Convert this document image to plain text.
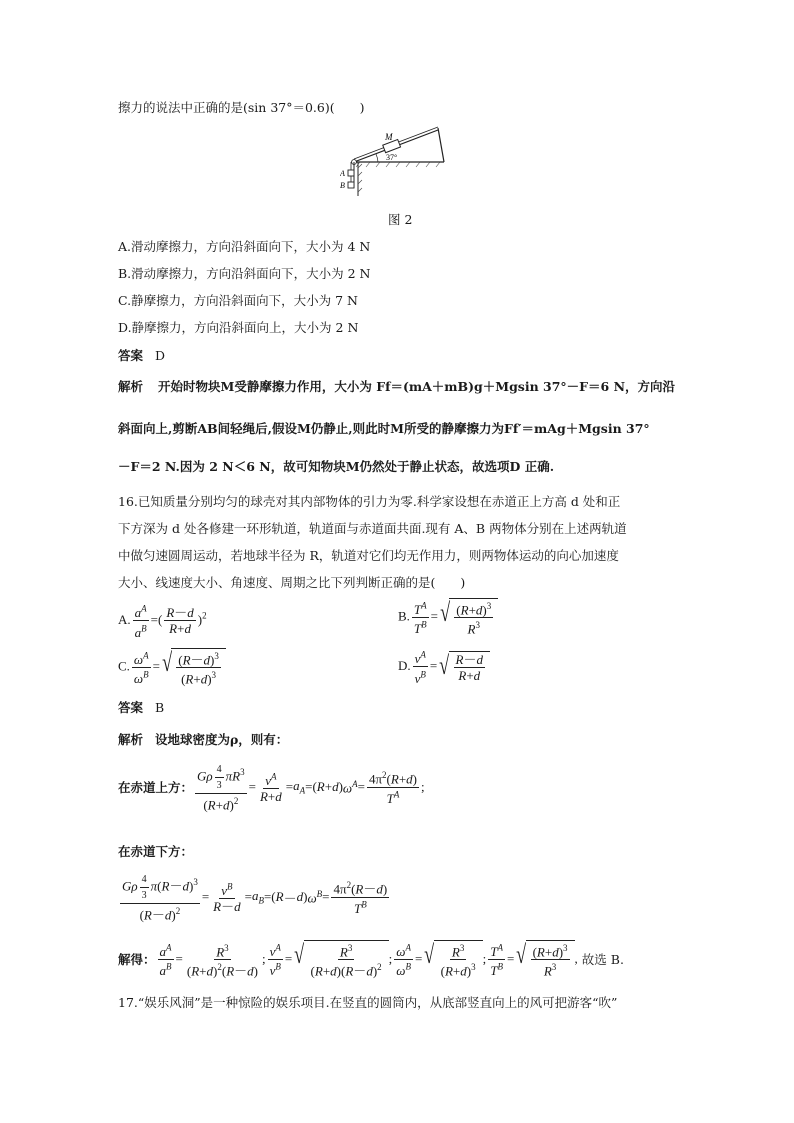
擦力的说法中正确的是(sin 37°＝0.6)(　　)
M
37°
A
B
图 2
A.滑动摩擦力，方向沿斜面向下，大小为 4 N
B.滑动摩擦力，方向沿斜面向下，大小为 2 N
C.静摩擦力，方向沿斜面向下，大小为 7 N
D.静摩擦力，方向沿斜面向上，大小为 2 N
答案 D
解析 开始时物块M受静摩擦力作用，大小为 Ff＝(mA＋mB)g＋Mgsin 37°－F＝6 N，方向沿
斜面向上,剪断AB间轻绳后,假设M仍静止,则此时M所受的静摩擦力为Ff′＝mAg＋Mgsin 37°
－F＝2 N.因为 2 N＜6 N，故可知物块M仍然处于静止状态，故选项D 正确.
16.已知质量分别均匀的球壳对其内部物体的引力为零.科学家设想在赤道正上方高 d 处和正
下方深为 d 处各修建一环形轨道，轨道面与赤道面共面.现有 A、B 两物体分别在上述两轨道
中做匀速圆周运动，若地球半径为 R，轨道对它们均无作用力，则两物体运动的向心加速度
大小、线速度大小、角速度、周期之比下列判断正确的是(　　)
A. $\frac{a^A}{a^B}$ =( $\frac{R-d}{R+d} )^2$	B. $\frac{T^A}{T^B}$ = √ $\frac{(R+d)^3}{R^3}$
C. $\frac{\omega^A}{\omega^B}$ = √ $\frac{(R-d)^3}{(R+d)^3}$	D. $\frac{v^A}{v^B}$ = √ $\frac{R-d}{R+d}$
答案 B
解析 设地球密度为ρ，则有：
在赤道上方： $\frac{G\rho \frac{4}{3} \pi R^3}{(R+d)^2} = \frac{v^A}{R+d} = a_A$ =( R + d ) $\omega^A = \frac{4\pi^2(R+d)}{T^A}$ ;
在赤道下方：
$\frac{G\rho \frac{4}{3} \pi(R-d)^3}{(R-d)^2} = \frac{v^B}{R-d} = a_B$ =( R － d ) $\omega^B = \frac{4\pi^2(R-d)}{T^B}$
解得： $\frac{a^A}{a^B} = \frac{R^3}{(R+d)^2(R-d)}$ ; $\frac{v^A}{v^B}$ = √ $\frac{R^3}{(R+d)(R-d)^2}$ ; $\frac{\omega^A}{\omega^B}$ = √ $\frac{R^3}{(R+d)^3}$ ; $\frac{T^A}{T^B}$ = √ $\frac{(R+d)^3}{R^3}$ , 故选 B.
17.“娱乐风洞”是一种惊险的娱乐项目.在竖直的圆筒内，从底部竖直向上的风可把游客“吹”
